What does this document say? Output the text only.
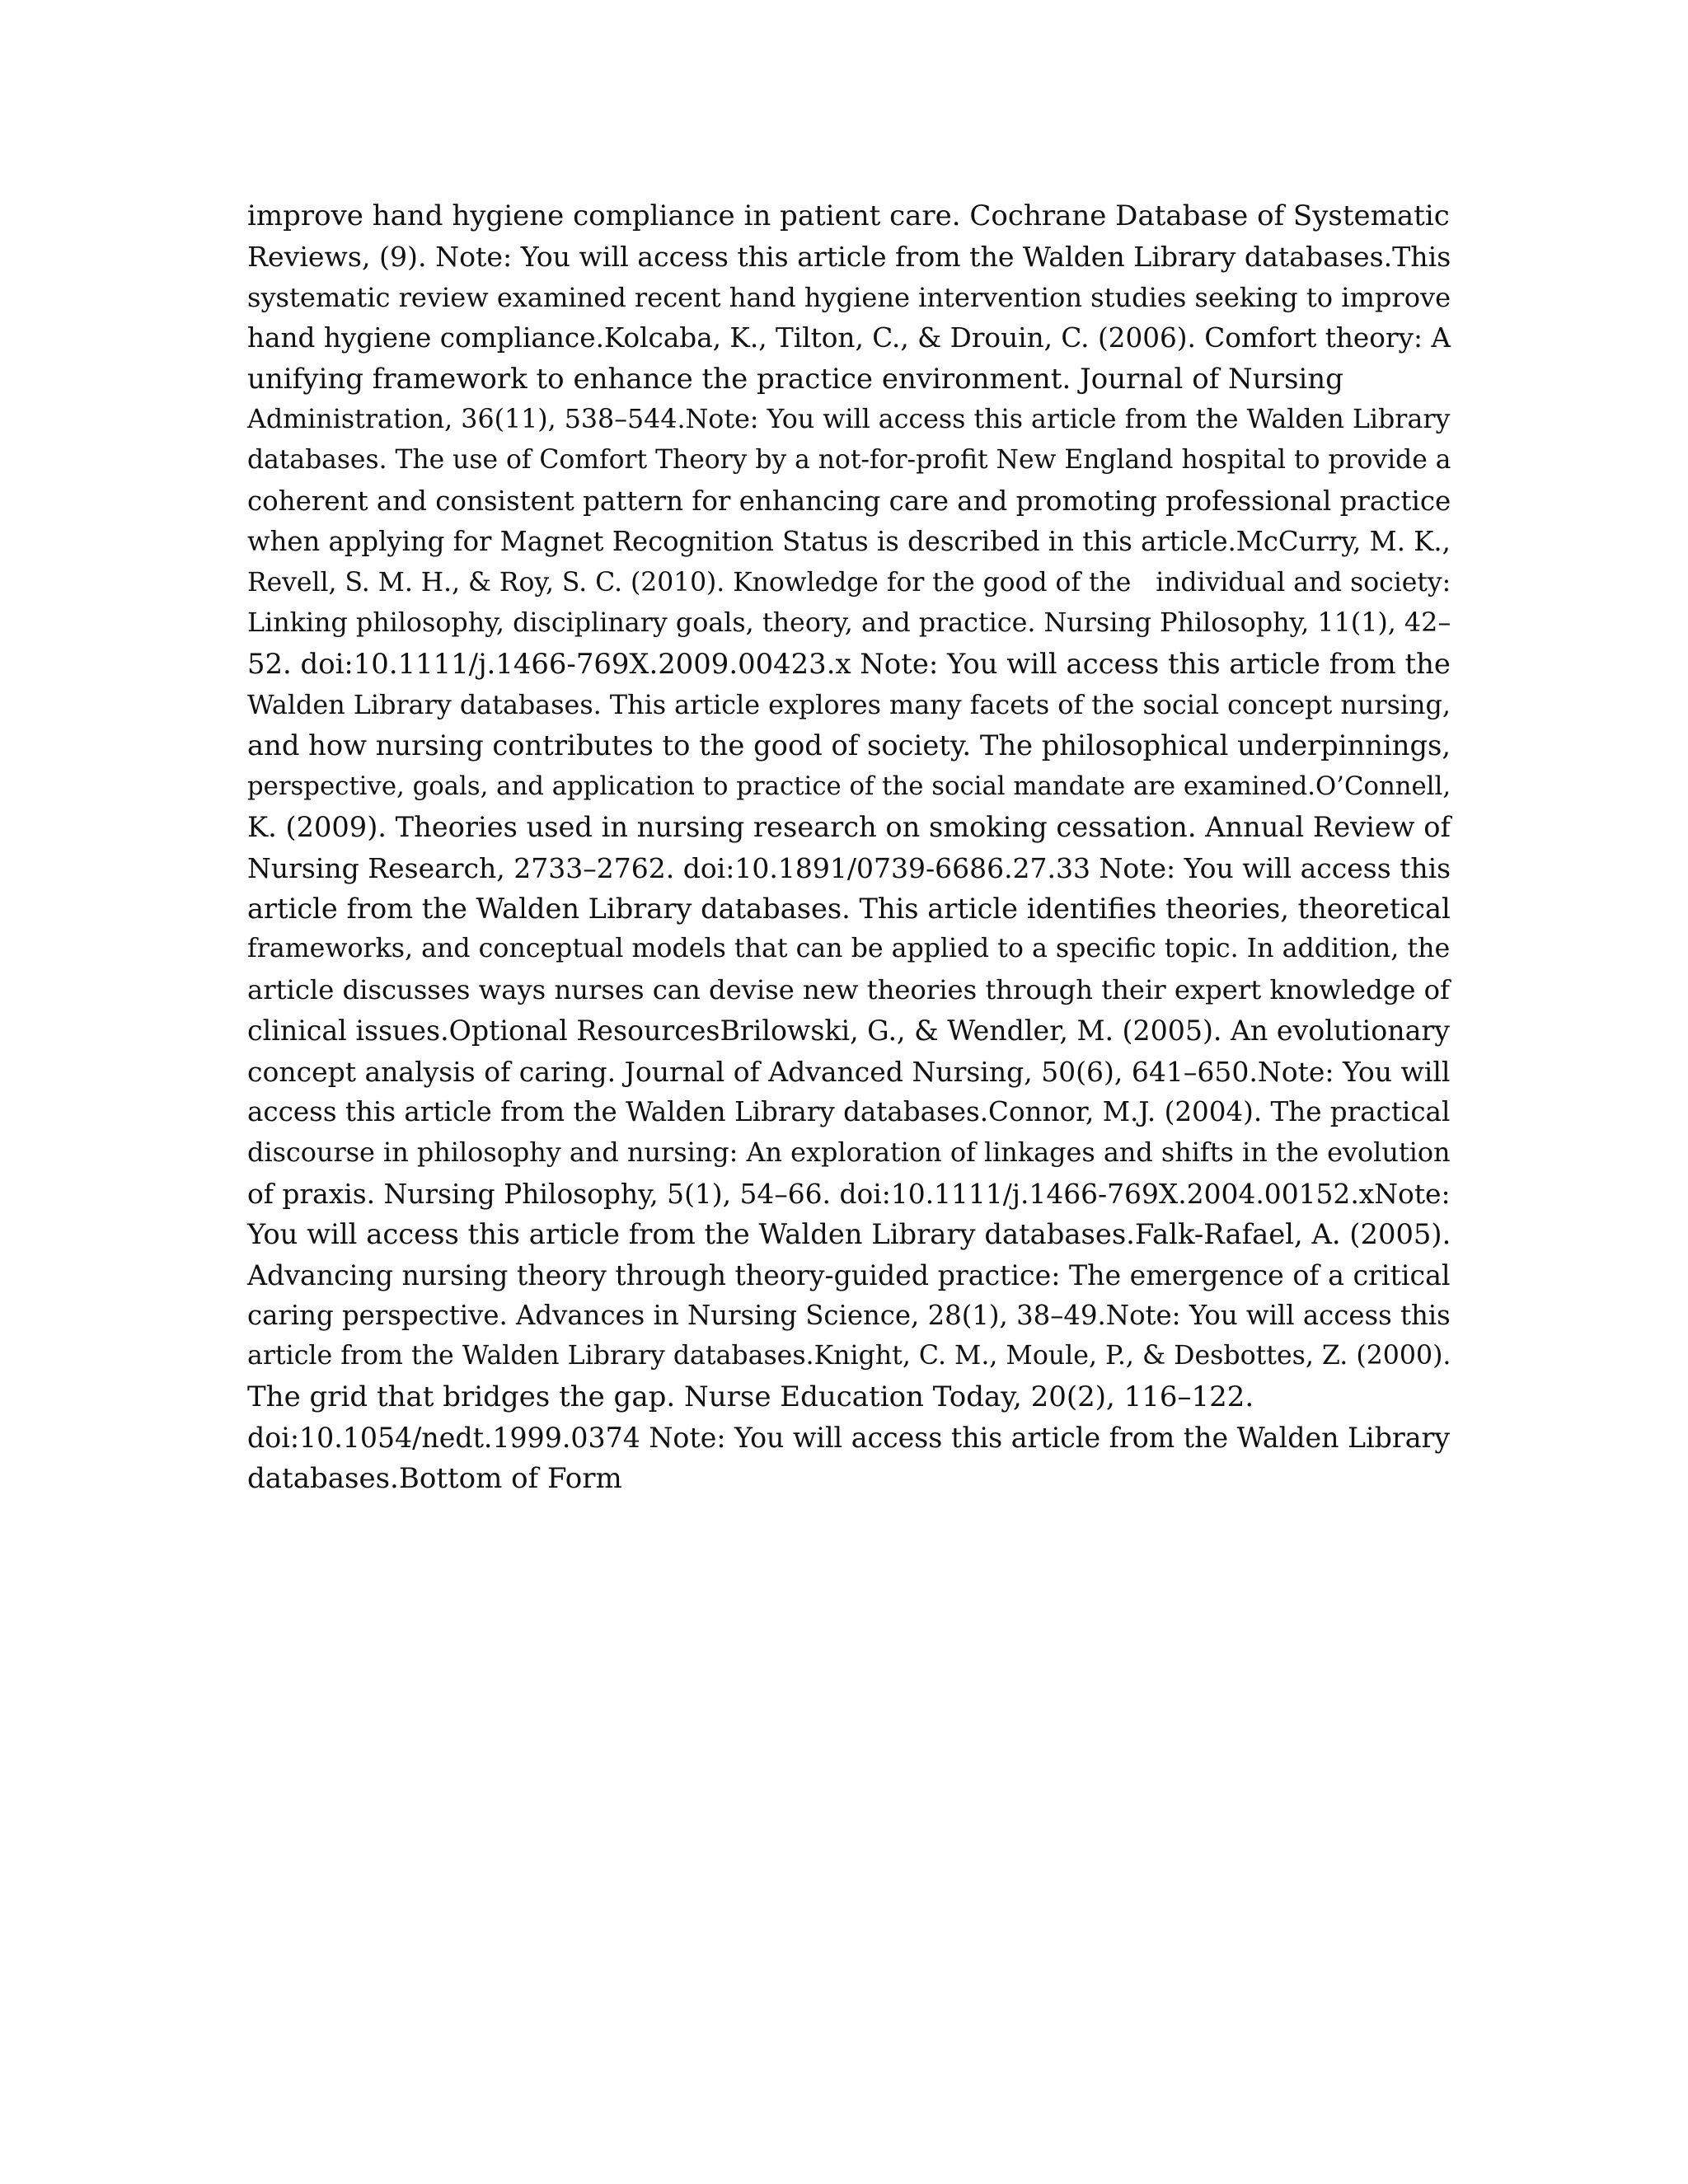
improve hand hygiene compliance in patient care. Cochrane Database of Systematic
Reviews, (9). Note: You will access this article from the Walden Library databases.This
systematic review examined recent hand hygiene intervention studies seeking to improve
hand hygiene compliance.Kolcaba, K., Tilton, C., & Drouin, C. (2006). Comfort theory: A
unifying framework to enhance the practice environment. Journal of Nursing
Administration, 36(11), 538–544.Note: You will access this article from the Walden Library
databases. The use of Comfort Theory by a not-for-profit New England hospital to provide a
coherent and consistent pattern for enhancing care and promoting professional practice
when applying for Magnet Recognition Status is described in this article.McCurry, M. K.,
Revell, S. M. H., & Roy, S. C. (2010). Knowledge for the good of the   individual and society:
Linking philosophy, disciplinary goals, theory, and practice. Nursing Philosophy, 11(1), 42–
52. doi:10.1111/j.1466-769X.2009.00423.x Note: You will access this article from the
Walden Library databases. This article explores many facets of the social concept nursing,
and how nursing contributes to the good of society. The philosophical underpinnings,
perspective, goals, and application to practice of the social mandate are examined.O’Connell,
K. (2009). Theories used in nursing research on smoking cessation. Annual Review of
Nursing Research, 2733–2762. doi:10.1891/0739-6686.27.33 Note: You will access this
article from the Walden Library databases. This article identifies theories, theoretical
frameworks, and conceptual models that can be applied to a specific topic. In addition, the
article discusses ways nurses can devise new theories through their expert knowledge of
clinical issues.Optional ResourcesBrilowski, G., & Wendler, M. (2005). An evolutionary
concept analysis of caring. Journal of Advanced Nursing, 50(6), 641–650.Note: You will
access this article from the Walden Library databases.Connor, M.J. (2004). The practical
discourse in philosophy and nursing: An exploration of linkages and shifts in the evolution
of praxis. Nursing Philosophy, 5(1), 54–66. doi:10.1111/j.1466-769X.2004.00152.xNote:
You will access this article from the Walden Library databases.Falk-Rafael, A. (2005).
Advancing nursing theory through theory-guided practice: The emergence of a critical
caring perspective. Advances in Nursing Science, 28(1), 38–49.Note: You will access this
article from the Walden Library databases.Knight, C. M., Moule, P., & Desbottes, Z. (2000).
The grid that bridges the gap. Nurse Education Today, 20(2), 116–122.
doi:10.1054/nedt.1999.0374 Note: You will access this article from the Walden Library
databases.Bottom of Form
